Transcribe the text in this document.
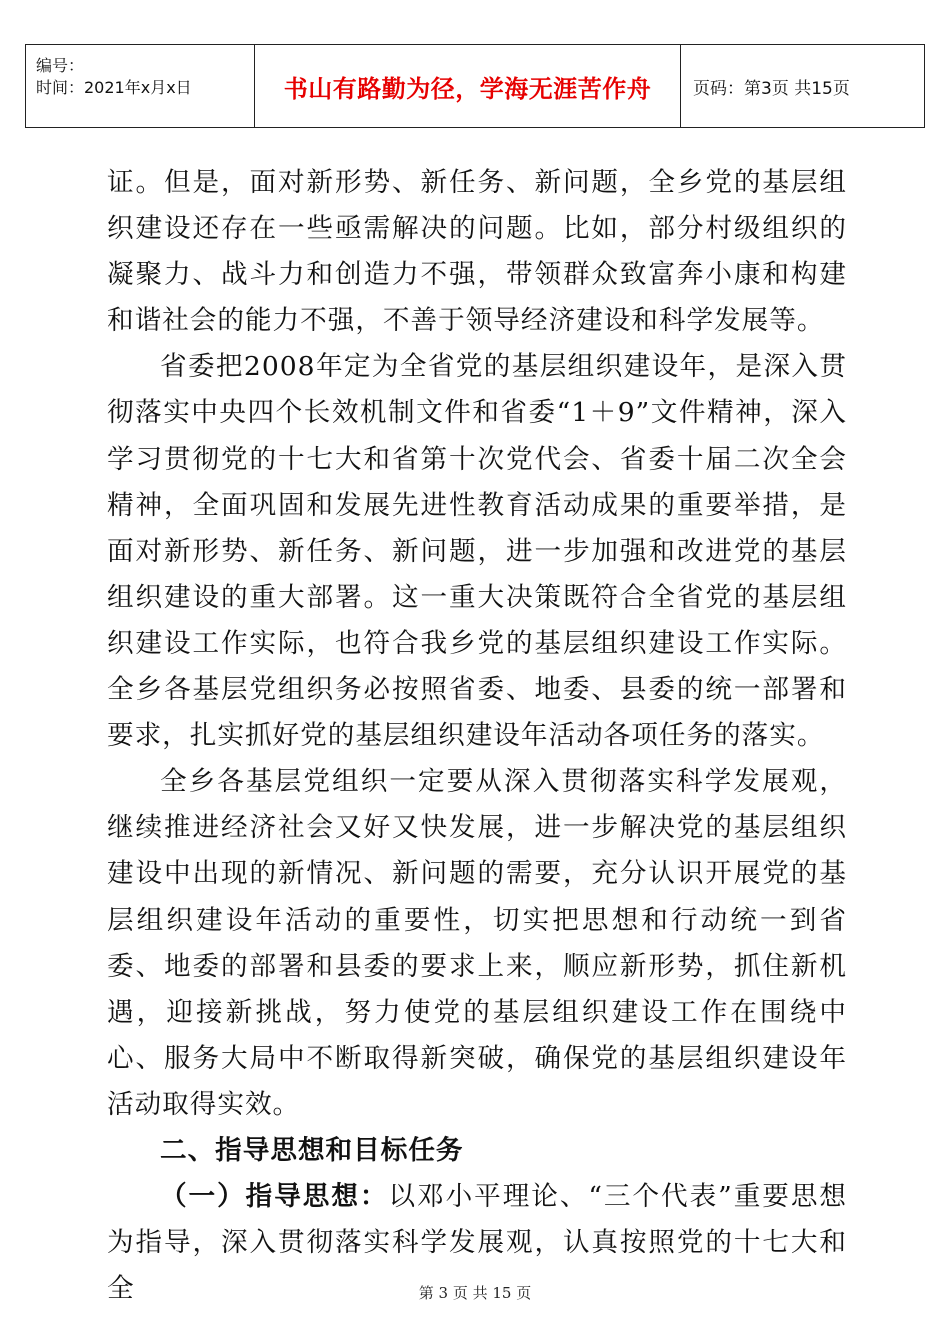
编号：
时间：2021年x月x日	书山有路勤为径，学海无涯苦作舟	页码：第3页 共15页

证。但是，面对新形势、新任务、新问题，全乡党的基层组织建设还存在一些亟需解决的问题。比如，部分村级组织的凝聚力、战斗力和创造力不强，带领群众致富奔小康和构建和谐社会的能力不强，不善于领导经济建设和科学发展等。

省委把2008年定为全省党的基层组织建设年，是深入贯彻落实中央四个长效机制文件和省委“1＋9”文件精神，深入学习贯彻党的十七大和省第十次党代会、省委十届二次全会精神，全面巩固和发展先进性教育活动成果的重要举措，是面对新形势、新任务、新问题，进一步加强和改进党的基层组织建设的重大部署。这一重大决策既符合全省党的基层组织建设工作实际，也符合我乡党的基层组织建设工作实际。全乡各基层党组织务必按照省委、地委、县委的统一部署和要求，扎实抓好党的基层组织建设年活动各项任务的落实。

全乡各基层党组织一定要从深入贯彻落实科学发展观，继续推进经济社会又好又快发展，进一步解决党的基层组织建设中出现的新情况、新问题的需要，充分认识开展党的基层组织建设年活动的重要性，切实把思想和行动统一到省委、地委的部署和县委的要求上来，顺应新形势，抓住新机遇，迎接新挑战，努力使党的基层组织建设工作在围绕中心、服务大局中不断取得新突破，确保党的基层组织建设年活动取得实效。

二、指导思想和目标任务

（一）指导思想：以邓小平理论、“三个代表”重要思想为指导，深入贯彻落实科学发展观，认真按照党的十七大和全	第 3 页 共 15 页
